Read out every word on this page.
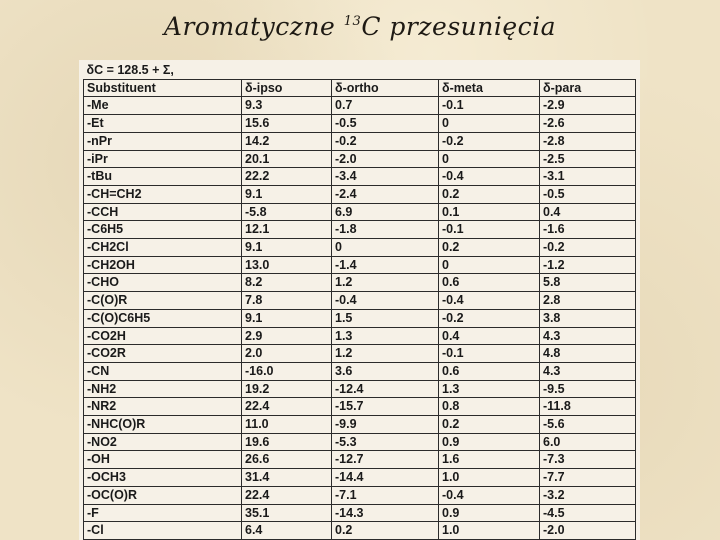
Aromatyczne $^{13}$C przesunięcia
δC = 128.5 + Σ,				
Substituent	δ-ipso	δ-ortho	δ-meta	δ-para
-Me	9.3	0.7	-0.1	-2.9
-Et	15.6	-0.5	0	-2.6
-nPr	14.2	-0.2	-0.2	-2.8
-iPr	20.1	-2.0	0	-2.5
-tBu	22.2	-3.4	-0.4	-3.1
-CH=CH2	9.1	-2.4	0.2	-0.5
-CCH	-5.8	6.9	0.1	0.4
-C6H5	12.1	-1.8	-0.1	-1.6
-CH2Cl	9.1	0	0.2	-0.2
-CH2OH	13.0	-1.4	0	-1.2
-CHO	8.2	1.2	0.6	5.8
-C(O)R	7.8	-0.4	-0.4	2.8
-C(O)C6H5	9.1	1.5	-0.2	3.8
-CO2H	2.9	1.3	0.4	4.3
-CO2R	2.0	1.2	-0.1	4.8
-CN	-16.0	3.6	0.6	4.3
-NH2	19.2	-12.4	1.3	-9.5
-NR2	22.4	-15.7	0.8	-11.8
-NHC(O)R	11.0	-9.9	0.2	-5.6
-NO2	19.6	-5.3	0.9	6.0
-OH	26.6	-12.7	1.6	-7.3
-OCH3	31.4	-14.4	1.0	-7.7
-OC(O)R	22.4	-7.1	-0.4	-3.2
-F	35.1	-14.3	0.9	-4.5
-Cl	6.4	0.2	1.0	-2.0
